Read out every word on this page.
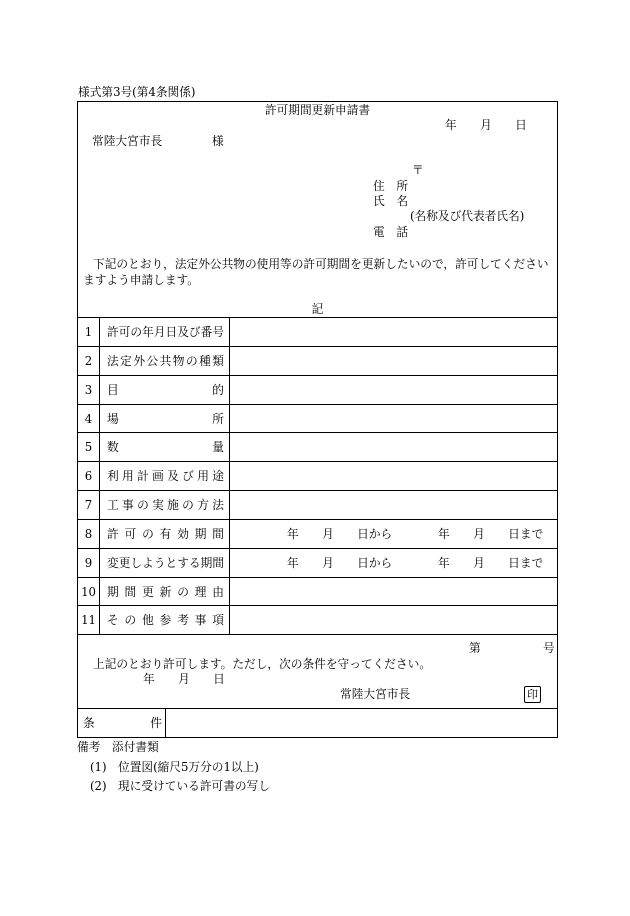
様式第3号(第4条関係)
許可期間更新申請書
年　　月　　日
常陸大宮市長	様
〒
住　所
氏　名
(名称及び代表者氏名)
電　話
下記のとおり，法定外公共物の使用等の許可期間を更新したいので，許可してくださいますよう申請します。
記
1	許 可 の 年 月 日 及 び 番 号
2	法 定 外 公 共 物 の 種 類
3	目	的
4	場	所
5	数	量
6	利 用 計 画 及 び 用 途
7	工 事 の 実 施 の 方 法
8	許 可 の 有 効 期 間	年　　月　　日から	年　　月　　日まで
9	変 更 し よ う と す る 期 間	年　　月　　日から	年　　月　　日まで
10 期 間 更 新 の 理 由
11 そ の 他 参 考 事 項
第	号
上記のとおり許可します。ただし，次の条件を守ってください。
年　　月　　日
常陸大宮市長	印
条	件
備考 添付書類
(1) 位置図(縮尺5万分の1以上)
(2) 現に受けている許可書の写し
